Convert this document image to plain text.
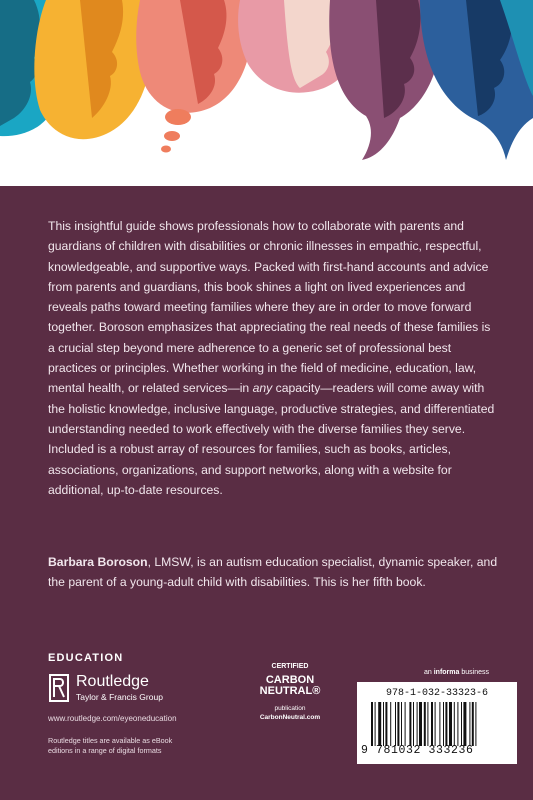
This insightful guide shows professionals how to collaborate with parents and guardians of children with disabilities or chronic illnesses in empathic, respectful, knowledgeable, and supportive ways. Packed with first-hand accounts and advice from parents and guardians, this book shines a light on lived experiences and reveals paths toward meeting families where they are in order to move forward together. Boroson emphasizes that appreciating the real needs of these families is a crucial step beyond mere adherence to a generic set of professional best practices or principles. Whether working in the field of medicine, education, law, mental health, or related services—in any capacity—readers will come away with the holistic knowledge, inclusive language, productive strategies, and differentiated understanding needed to work effectively with the diverse families they serve. Included is a robust array of resources for families, such as books, articles, associations, organizations, and support networks, along with a website for additional, up-to-date resources.

Barbara Boroson, LMSW, is an autism education specialist, dynamic speaker, and the parent of a young-adult child with disabilities. This is her fifth book.

EDUCATION
Routledge
Taylor & Francis Group
www.routledge.com/eyeoneducation
Routledge titles are available as eBook editions in a range of digital formats
CERTIFIED
CARBON NEUTRAL®
publication
CarbonNeutral.com
an informa business
978-1-032-33323-6
9 781032 333236
